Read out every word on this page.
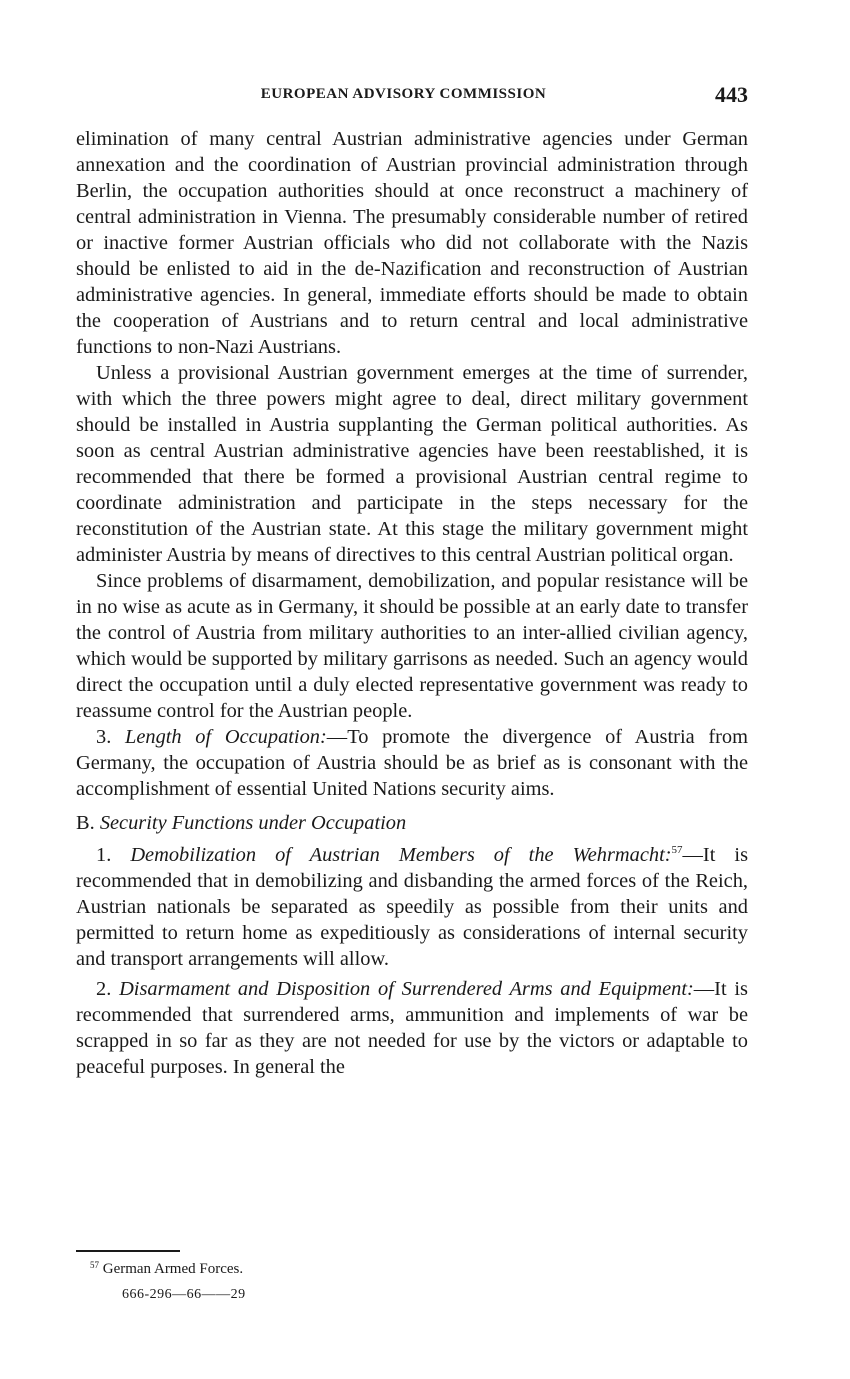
EUROPEAN ADVISORY COMMISSION	443

elimination of many central Austrian administrative agencies under German annexation and the coordination of Austrian provincial administration through Berlin, the occupation authorities should at once reconstruct a machinery of central administration in Vienna. The presumably considerable number of retired or inactive former Austrian officials who did not collaborate with the Nazis should be enlisted to aid in the de-Nazification and reconstruction of Austrian administrative agencies. In general, immediate efforts should be made to obtain the cooperation of Austrians and to return central and local administrative functions to non-Nazi Austrians.

Unless a provisional Austrian government emerges at the time of surrender, with which the three powers might agree to deal, direct military government should be installed in Austria supplanting the German political authorities. As soon as central Austrian administrative agencies have been reestablished, it is recommended that there be formed a provisional Austrian central regime to coordinate administration and participate in the steps necessary for the reconstitution of the Austrian state. At this stage the military government might administer Austria by means of directives to this central Austrian political organ.

Since problems of disarmament, demobilization, and popular resistance will be in no wise as acute as in Germany, it should be possible at an early date to transfer the control of Austria from military authorities to an inter-allied civilian agency, which would be supported by military garrisons as needed. Such an agency would direct the occupation until a duly elected representative government was ready to reassume control for the Austrian people.

3. Length of Occupation:—To promote the divergence of Austria from Germany, the occupation of Austria should be as brief as is consonant with the accomplishment of essential United Nations security aims.

B. Security Functions under Occupation

1. Demobilization of Austrian Members of the Wehrmacht:$^{57}$—It is recommended that in demobilizing and disbanding the armed forces of the Reich, Austrian nationals be separated as speedily as possible from their units and permitted to return home as expeditiously as considerations of internal security and transport arrangements will allow.

2. Disarmament and Disposition of Surrendered Arms and Equipment:—It is recommended that surrendered arms, ammunition and implements of war be scrapped in so far as they are not needed for use by the victors or adaptable to peaceful purposes. In general the

$^{57}$ German Armed Forces.
666-296—66——29
